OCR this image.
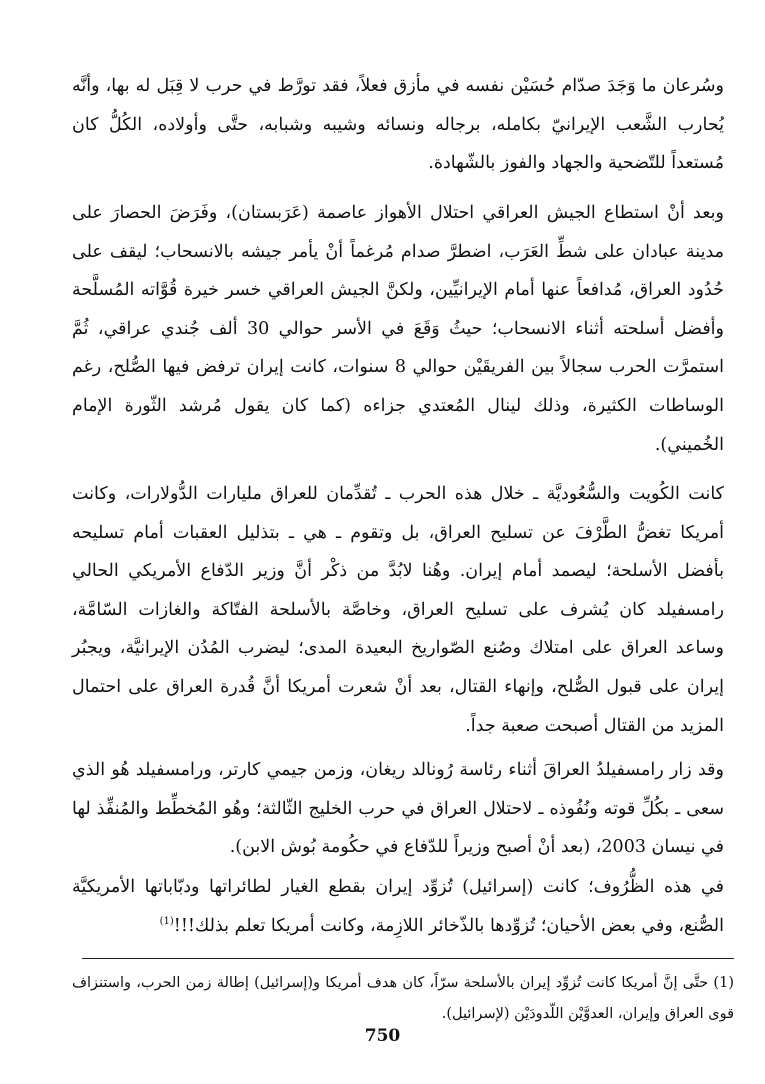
وسُرعان ما وَجَدَ صدّام حُسَيْن نفسه في مأزق فعلاً، فقد تورَّط في حرب لا قِبَل له بها، وأنَّه يُحارب الشَّعب الإيرانيّ بكامله، برجاله ونسائه وشيبه وشبابه، حتَّى وأولاده، الكُلُّ كان مُستعداً للتّضحية والجهاد والفوز بالشّهادة.

وبعد أنْ استطاع الجيش العراقي احتلال الأهواز عاصمة (عَرَبستان)، وفَرَضَ الحصارَ على مدينة عبادان على شطِّ العَرَب، اضطرَّ صدام مُرغماً أنْ يأمر جيشه بالانسحاب؛ ليقف على حُدُود العراق، مُدافعاً عنها أمام الإيرانيِّين، ولكنَّ الجيش العراقي خسر خيرة قُوَّاته المُسلَّحة وأفضل أسلحته أثناء الانسحاب؛ حيثُ وَقَعَ في الأسر حوالي 30 ألف جُندي عراقي، ثُمَّ استمرَّت الحرب سجالاً بين الفريقَيْن حوالي 8 سنوات، كانت إيران ترفض فيها الصُّلح، رغم الوساطات الكثيرة، وذلك لينال المُعتدي جزاءه (كما كان يقول مُرشد الثّورة الإمام الخُميني).

كانت الكُويت والسُّعُوديَّة ـ خلال هذه الحرب ـ تُقدِّمان للعراق مليارات الدُّولارات، وكانت أمريكا تغضُّ الطَّرْفَ عن تسليح العراق، بل وتقوم ـ هي ـ بتذليل العقبات أمام تسليحه بأفضل الأسلحة؛ ليصمد أمام إيران. وهُنا لابُدَّ من ذكْر أنَّ وزير الدّفاع الأمريكي الحالي رامسفيلد كان يُشرف على تسليح العراق، وخاصَّة بالأسلحة الفتّاكة والغازات السّامَّة، وساعد العراق على امتلاك وصُنع الصّواريخ البعيدة المدى؛ ليضرب المُدُن الإيرانيَّة، ويجبُر إيران على قبول الصُّلح، وإنهاء القتال، بعد أنْ شعرت أمريكا أنَّ قُدرة العراق على احتمال المزيد من القتال أصبحت صعبة جداً.

وقد زار رامسفيلدُ العراقَ أثناء رئاسة رُونالد ريغان، وزمن جيمي كارتر، ورامسفيلد هُو الذي سعى ـ بكُلِّ قوته ونُفُوذه ـ لاحتلال العراق في حرب الخليج الثّالثة؛ وهُو المُخطِّط والمُنفِّذ لها في نيسان 2003، (بعد أنْ أصبح وزيراً للدّفاع في حكُومة بُوش الابن).

في هذه الظُّرُوف؛ كانت (إسرائيل) تُزوِّد إيران بقطع الغيار لطائراتها ودبّاباتها الأمريكيَّة الصُّنع، وفي بعض الأحيان؛ تُزوِّدها بالذّخائر اللازِمة، وكانت أمريكا تعلم بذلك!!!$^{(1)}$

(1) حتَّى إنَّ أمريكا كانت تُزوِّد إيران بالأسلحة سرّاً، كان هدف أمريكا و(إسرائيل) إطالة زمن الحرب، واستنزاف قوى العراق وإيران، العدوَّيْن اللّدودَيْن (لإسرائيل).

750
